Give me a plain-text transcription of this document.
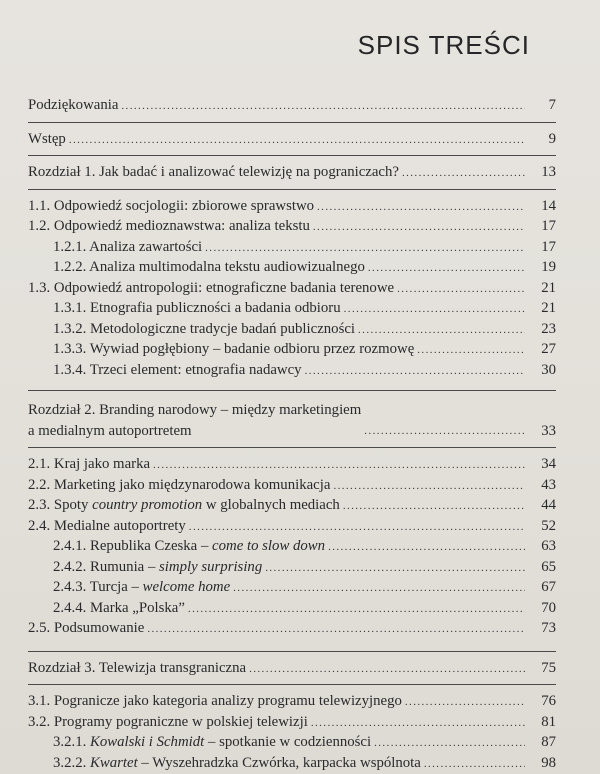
SPIS TREŚCI
Podziękowania .....	7
Wstęp .....	9
Rozdział 1. Jak badać i analizować telewizję na pograniczach? .....	13
1.1. Odpowiedź socjologii: zbiorowe sprawstwo .....	14
1.2. Odpowiedź medioznawstwa: analiza tekstu .....	17
1.2.1. Analiza zawartości .....	17
1.2.2. Analiza multimodalna tekstu audiowizualnego .....	19
1.3. Odpowiedź antropologii: etnograficzne badania terenowe .....	21
1.3.1. Etnografia publiczności a badania odbioru .....	21
1.3.2. Metodologiczne tradycje badań publiczności .....	23
1.3.3. Wywiad pogłębiony – badanie odbioru przez rozmowę .....	27
1.3.4. Trzeci element: etnografia nadawcy .....	30
Rozdział 2. Branding narodowy – między marketingiem
a medialnym autoportretem .....	33
2.1. Kraj jako marka .....	34
2.2. Marketing jako międzynarodowa komunikacja .....	43
2.3. Spoty country promotion w globalnych mediach .....	44
2.4. Medialne autoportrety .....	52
2.4.1. Republika Czeska – come to slow down .....	63
2.4.2. Rumunia – simply surprising .....	65
2.4.3. Turcja – welcome home .....	67
2.4.4. Marka „Polska” .....	70
2.5. Podsumowanie .....	73
Rozdział 3. Telewizja transgraniczna .....	75
3.1. Pogranicze jako kategoria analizy programu telewizyjnego .....	76
3.2. Programy pograniczne w polskiej telewizji .....	81
3.2.1. Kowalski i Schmidt – spotkanie w codzienności .....	87
3.2.2. Kwartet – Wyszehradzka Czwórka, karpacka wspólnota .....	98
